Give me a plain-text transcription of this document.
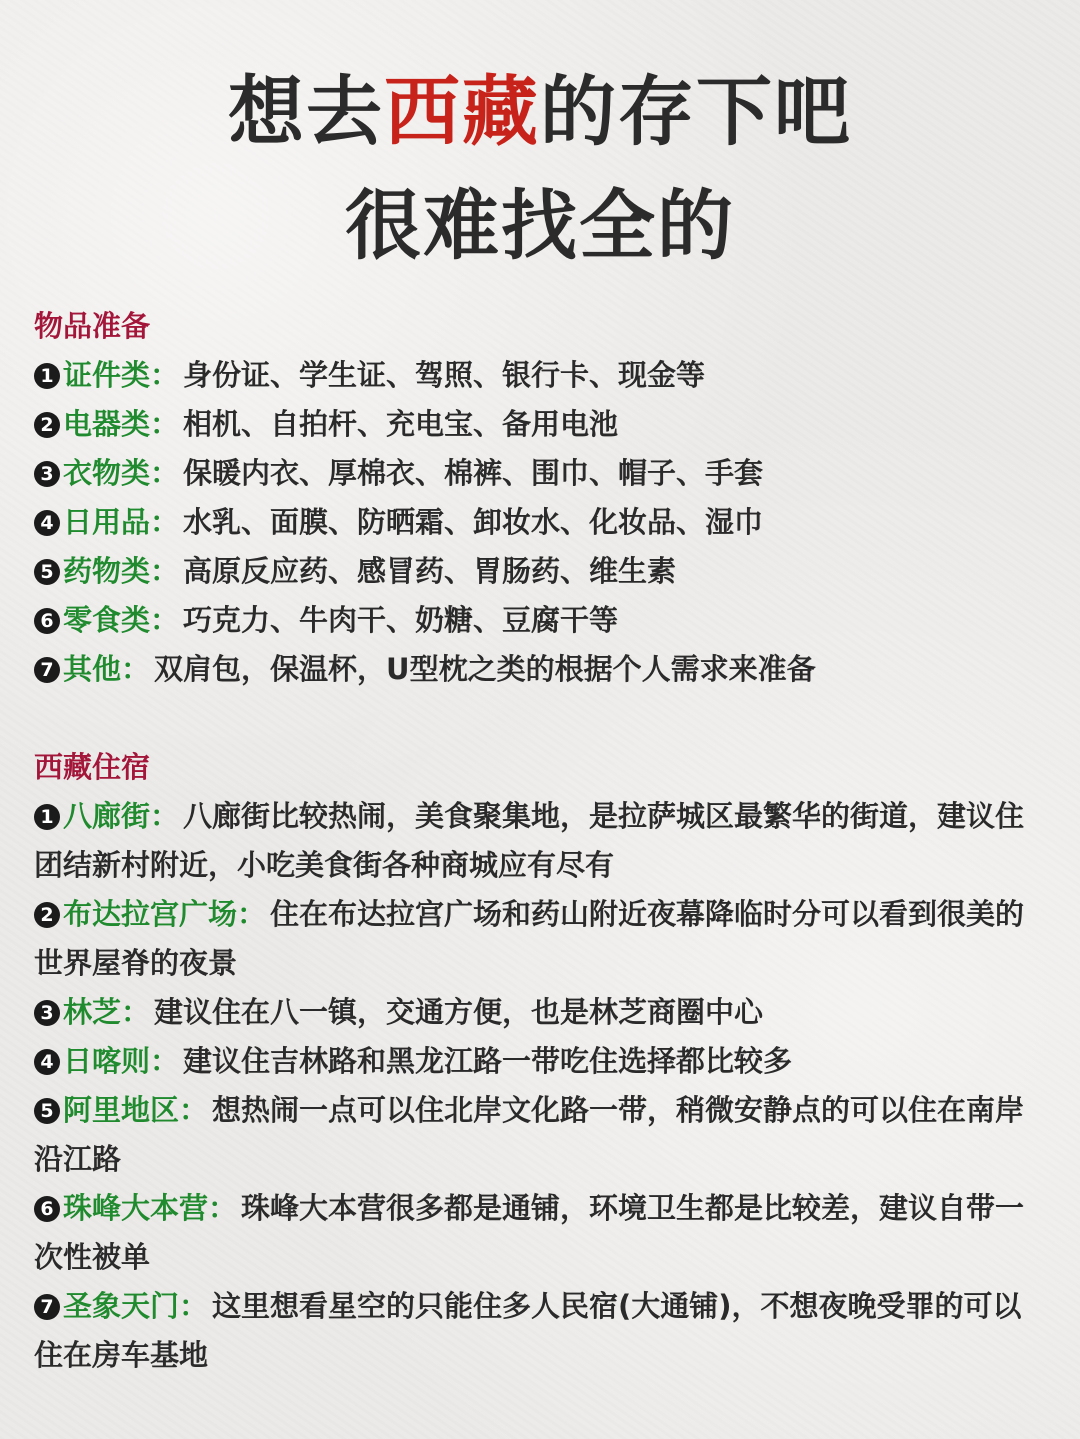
想去西藏的存下吧
很难找全的
物品准备

1 证件类： 身份证、学生证、驾照、银行卡、现金等

2 电器类： 相机、自拍杆、充电宝、备用电池

3 衣物类： 保暖内衣、厚棉衣、棉裤、围巾、帽子、手套

4 日用品： 水乳、面膜、防晒霜、卸妆水、化妆品、湿巾

5 药物类： 高原反应药、感冒药、胃肠药、维生素

6 零食类： 巧克力、牛肉干、奶糖、豆腐干等

7 其他： 双肩包，保温杯，U型枕之类的根据个人需求来准备

西藏住宿

1 八廊街： 八廊街比较热闹，美食聚集地，是拉萨城区最繁华的街道，建议住团结新村附近，小吃美食街各种商城应有尽有

2 布达拉宫广场： 住在布达拉宫广场和药山附近夜幕降临时分可以看到很美的世界屋脊的夜景

3 林芝： 建议住在八一镇，交通方便，也是林芝商圈中心

4 日喀则： 建议住吉林路和黑龙江路一带吃住选择都比较多

5 阿里地区： 想热闹一点可以住北岸文化路一带，稍微安静点的可以住在南岸沿江路

6 珠峰大本营： 珠峰大本营很多都是通铺，环境卫生都是比较差，建议自带一次性被单

7 圣象天门： 这里想看星空的只能住多人民宿(大通铺)，不想夜晚受罪的可以住在房车基地
